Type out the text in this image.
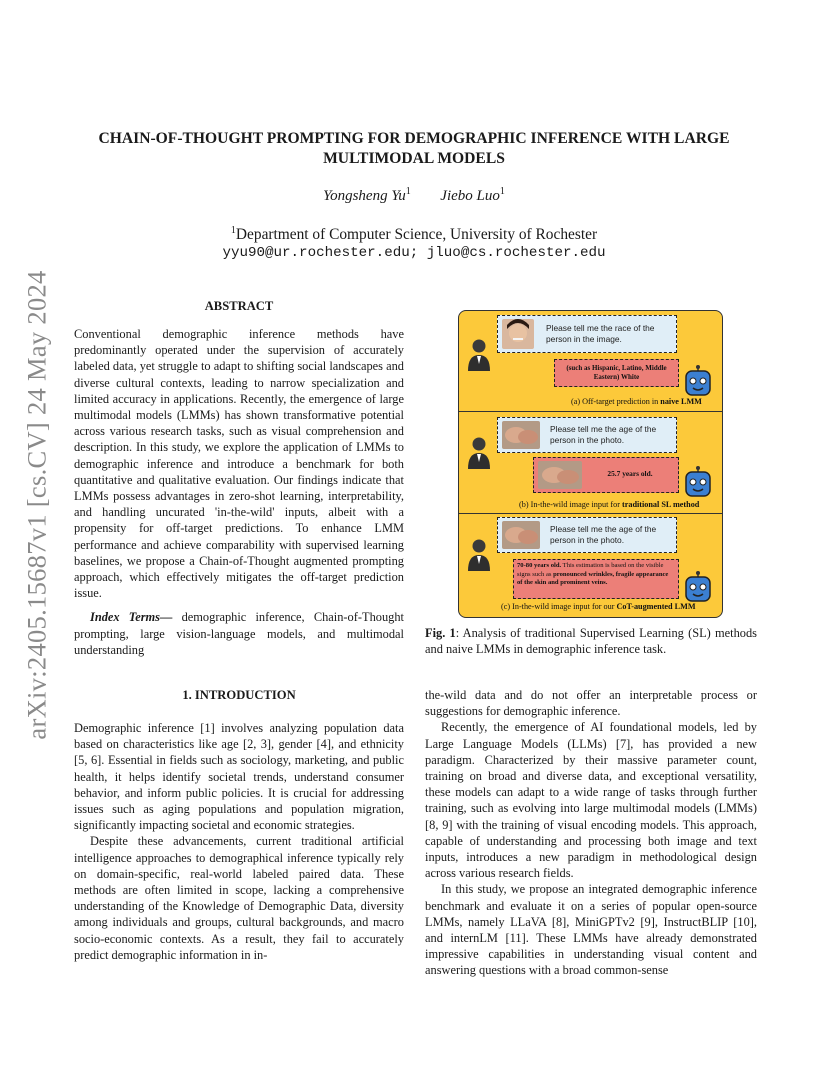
arXiv:2405.15687v1 [cs.CV] 24 May 2024
CHAIN-OF-THOUGHT PROMPTING FOR DEMOGRAPHIC INFERENCE WITH LARGE MULTIMODAL MODELS
Yongsheng Yu$^1$ Jiebo Luo$^1$
$^1$Department of Computer Science, University of Rochester
yyu90@ur.rochester.edu; jluo@cs.rochester.edu
ABSTRACT

Conventional demographic inference methods have predominantly operated under the supervision of accurately labeled data, yet struggle to adapt to shifting social landscapes and diverse cultural contexts, leading to narrow specialization and limited accuracy in applications. Recently, the emergence of large multimodal models (LMMs) has shown transformative potential across various research tasks, such as visual comprehension and description. In this study, we explore the application of LMMs to demographic inference and introduce a benchmark for both quantitative and qualitative evaluation. Our findings indicate that LMMs possess advantages in zero-shot learning, interpretability, and handling uncurated 'in-the-wild' inputs, albeit with a propensity for off-target predictions. To enhance LMM performance and achieve comparability with supervised learning baselines, we propose a Chain-of-Thought augmented prompting approach, which effectively mitigates the off-target prediction issue.

Index Terms— demographic inference, Chain-of-Thought prompting, large vision-language models, and multimodal understanding

1. INTRODUCTION

Demographic inference [1] involves analyzing population data based on characteristics like age [2, 3], gender [4], and ethnicity [5, 6]. Essential in fields such as sociology, marketing, and public health, it helps identify societal trends, understand consumer behavior, and inform public policies. It is crucial for addressing issues such as aging populations and population migration, significantly impacting societal and economic strategies.

Despite these advancements, current traditional artificial intelligence approaches to demographical inference typically rely on domain-specific, real-world labeled paired data. These methods are often limited in scope, lacking a comprehensive understanding of the Knowledge of Demographic Data, diversity among individuals and groups, cultural backgrounds, and macro socio-economic contexts. As a result, they fail to accurately predict demographic information in in-

the-wild data and do not offer an interpretable process or suggestions for demographic inference.

Recently, the emergence of AI foundational models, led by Large Language Models (LLMs) [7], has provided a new paradigm. Characterized by their massive parameter count, training on broad and diverse data, and exceptional versatility, these models can adapt to a wide range of tasks through further training, such as evolving into large multimodal models (LMMs) [8, 9] with the training of visual encoding models. This approach, capable of understanding and processing both image and text inputs, introduces a new paradigm in methodological design across various research fields.

In this study, we propose an integrated demographic inference benchmark and evaluate it on a series of popular open-source LMMs, namely LLaVA [8], MiniGPTv2 [9], InstructBLIP [10], and internLM [11]. These LMMs have already demonstrated impressive capabilities in understanding visual content and answering questions with a broad common-sense

Please tell me the race of the person in the image.
(such as Hispanic, Latino, Middle Eastern) White
(a) Off-target prediction in naive LMM
Please tell me the age of the person in the photo.
25.7 years old.
(b) In-the-wild image input for traditional SL method
Please tell me the age of the person in the photo.
70-80 years old. This estimation is based on the visible signs such as pronounced wrinkles, fragile appearance of the skin and prominent veins.
(c) In-the-wild image input for our CoT-augmented LMM
Fig. 1: Analysis of traditional Supervised Learning (SL) methods and naive LMMs in demographic inference task.
